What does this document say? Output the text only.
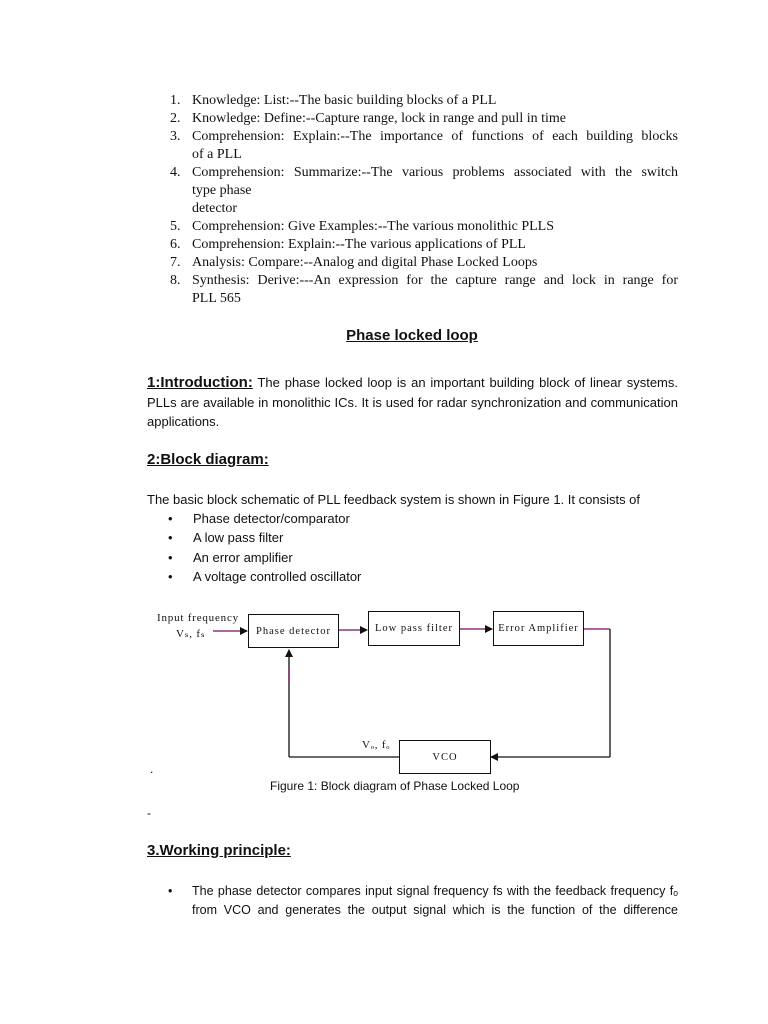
1. Knowledge: List:--The basic building blocks of a PLL
2. Knowledge: Define:--Capture range, lock in range and pull in time
3. Comprehension: Explain:--The importance of functions of each building blocks
of a PLL
4. Comprehension: Summarize:--The various problems associated with the switch
type phase
detector
5. Comprehension: Give Examples:--The various monolithic PLLS
6. Comprehension: Explain:--The various applications of PLL
7. Analysis: Compare:--Analog and digital Phase Locked Loops
8. Synthesis: Derive:---An expression for the capture range and lock in range for
PLL 565
Phase locked loop
1:Introduction: The phase locked loop is an important building block of linear systems. PLLs are available in monolithic ICs. It is used for radar synchronization and communication applications.
2:Block diagram:
The basic block schematic of PLL feedback system is shown in Figure 1. It consists of
•	Phase detector/comparator
•	A low pass filter
•	An error amplifier
•	A voltage controlled oscillator
Input frequency
Vₛ, fₛ	Phase detector	Low pass filter	Error Amplifier
VCO
Vₒ, fₒ
.
Figure 1: Block diagram of Phase Locked Loop
-
3.Working principle:
•	The phase detector compares input signal frequency fs with the feedback frequency fₒ
from VCO and generates the output signal which is the function of the difference
